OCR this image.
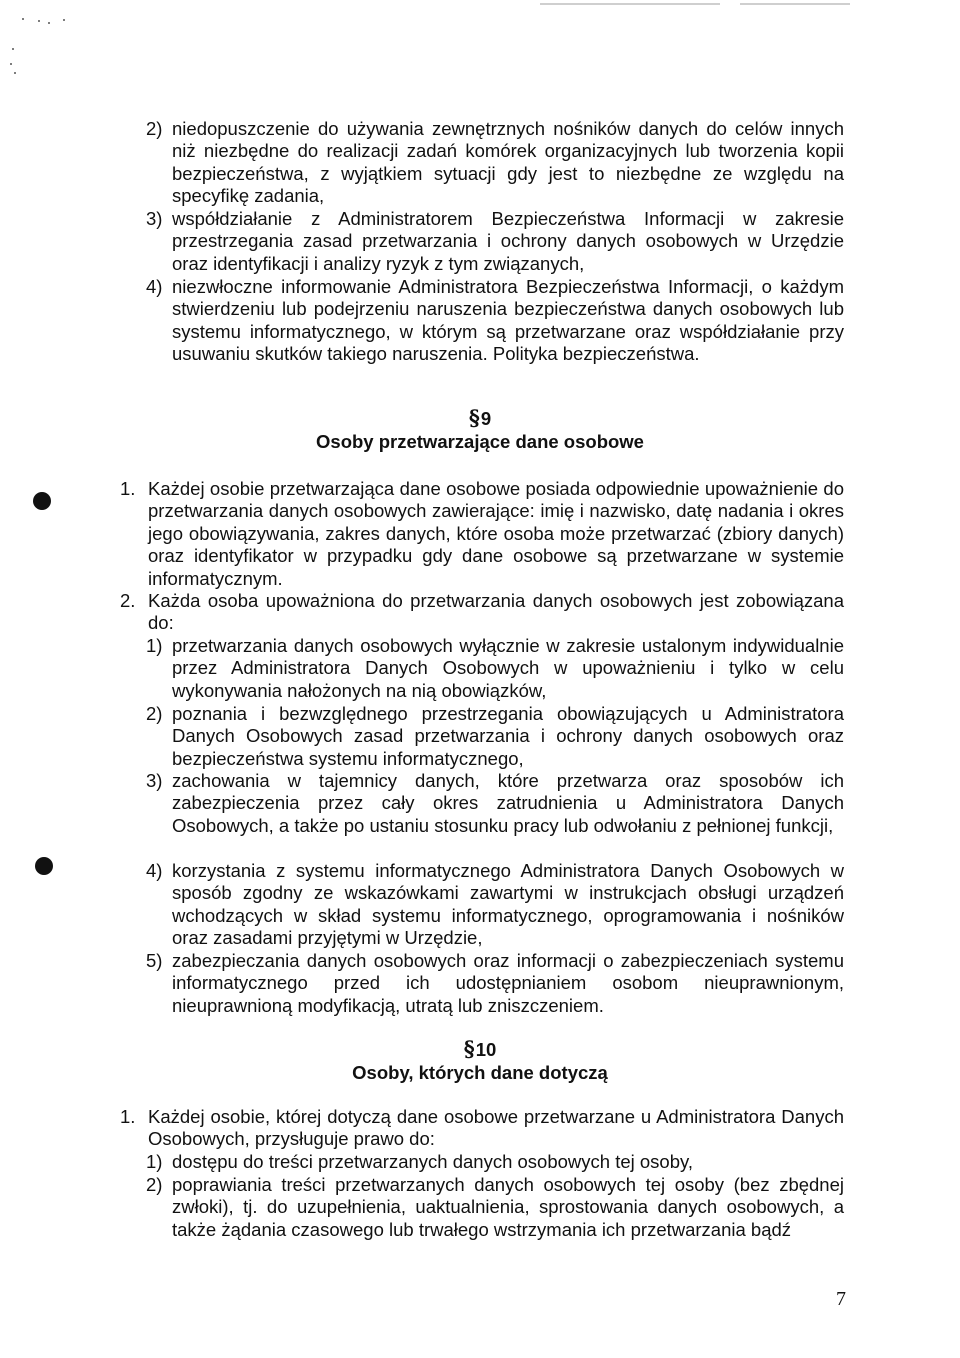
2) niedopuszczenie do używania zewnętrznych nośników danych do celów innych niż niezbędne do realizacji zadań komórek organizacyjnych lub tworzenia kopii bezpieczeństwa, z wyjątkiem sytuacji gdy jest to niezbędne ze względu na specyfikę zadania,
3) współdziałanie z Administratorem Bezpieczeństwa Informacji w zakresie przestrzegania zasad przetwarzania i ochrony danych osobowych w Urzędzie oraz identyfikacji i analizy ryzyk z tym związanych,
4) niezwłoczne informowanie Administratora Bezpieczeństwa Informacji, o każdym stwierdzeniu lub podejrzeniu naruszenia bezpieczeństwa danych osobowych lub systemu informatycznego, w którym są przetwarzane oraz współdziałanie przy usuwaniu skutków takiego naruszenia. Polityka bezpieczeństwa.
§9
Osoby przetwarzające dane osobowe
1. Każdej osobie przetwarzająca dane osobowe posiada odpowiednie upoważnienie do przetwarzania danych osobowych zawierające: imię i nazwisko, datę nadania i okres jego obowiązywania, zakres danych, które osoba może przetwarzać (zbiory danych) oraz identyfikator w przypadku gdy dane osobowe są przetwarzane w systemie informatycznym.
2. Każda osoba upoważniona do przetwarzania danych osobowych jest zobowiązana do:
1) przetwarzania danych osobowych wyłącznie w zakresie ustalonym indywidualnie przez Administratora Danych Osobowych w upoważnieniu i tylko w celu wykonywania nałożonych na nią obowiązków,
2) poznania i bezwzględnego przestrzegania obowiązujących u Administratora Danych Osobowych zasad przetwarzania i ochrony danych osobowych oraz bezpieczeństwa systemu informatycznego,
3) zachowania w tajemnicy danych, które przetwarza oraz sposobów ich zabezpieczenia przez cały okres zatrudnienia u Administratora Danych Osobowych, a także po ustaniu stosunku pracy lub odwołaniu z pełnionej funkcji,
4) korzystania z systemu informatycznego Administratora Danych Osobowych w sposób zgodny ze wskazówkami zawartymi w instrukcjach obsługi urządzeń wchodzących w skład systemu informatycznego, oprogramowania i nośników oraz zasadami przyjętymi w Urzędzie,
5) zabezpieczania danych osobowych oraz informacji o zabezpieczeniach systemu informatycznego przed ich udostępnianiem osobom nieuprawnionym, nieuprawnioną modyfikacją, utratą lub zniszczeniem.
§10
Osoby, których dane dotyczą
1. Każdej osobie, której dotyczą dane osobowe przetwarzane u Administratora Danych Osobowych, przysługuje prawo do:
1) dostępu do treści przetwarzanych danych osobowych tej osoby,
2) poprawiania treści przetwarzanych danych osobowych tej osoby (bez zbędnej zwłoki), tj. do uzupełnienia, uaktualnienia, sprostowania danych osobowych, a także żądania czasowego lub trwałego wstrzymania ich przetwarzania bądź
7
